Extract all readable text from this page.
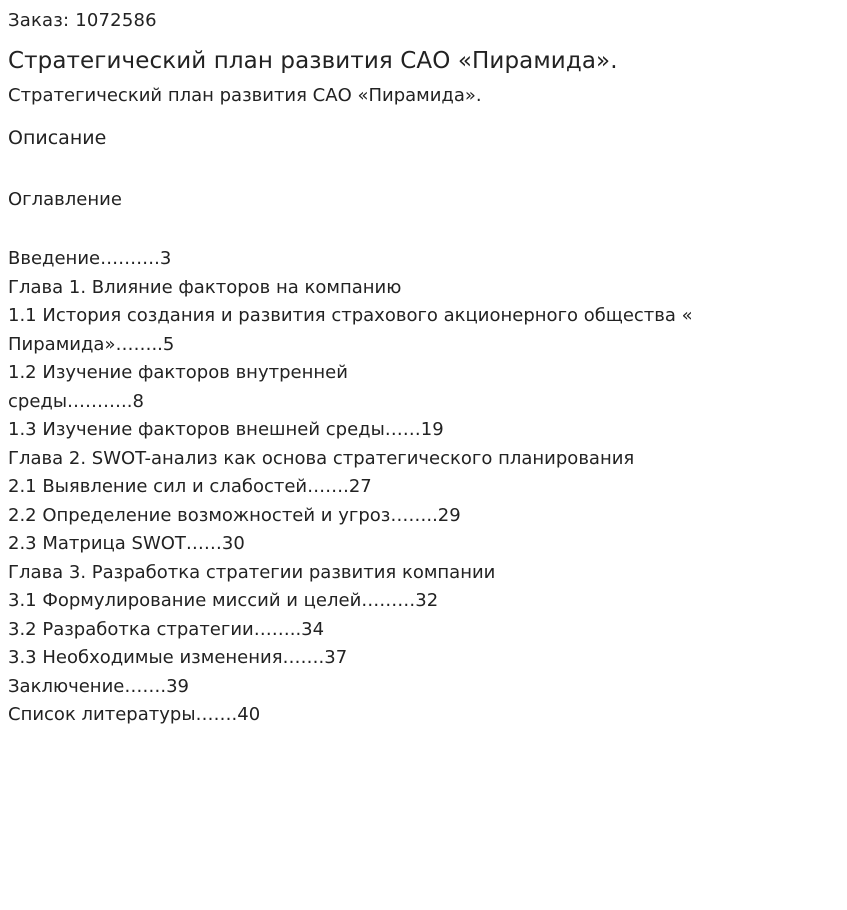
Заказ: 1072586

Стратегический план развития САО «Пирамида».

Стратегический план развития САО «Пирамида».

Описание

Оглавление

Введение……….3
Глава 1. Влияние факторов на компанию
1.1 История создания и развития страхового акционерного общества «
Пирамида»……..5
1.2 Изучение факторов внутренней
среды………..8
1.3 Изучение факторов внешней среды……19
Глава 2. SWOT-анализ как основа стратегического планирования
2.1 Выявление сил и слабостей…….27
2.2 Определение возможностей и угроз……..29
2.3 Матрица SWOT……30
Глава 3. Разработка стратегии развития компании
3.1 Формулирование миссий и целей………32
3.2 Разработка стратегии……..34
3.3 Необходимые изменения…….37
Заключение…….39
Список литературы…….40
